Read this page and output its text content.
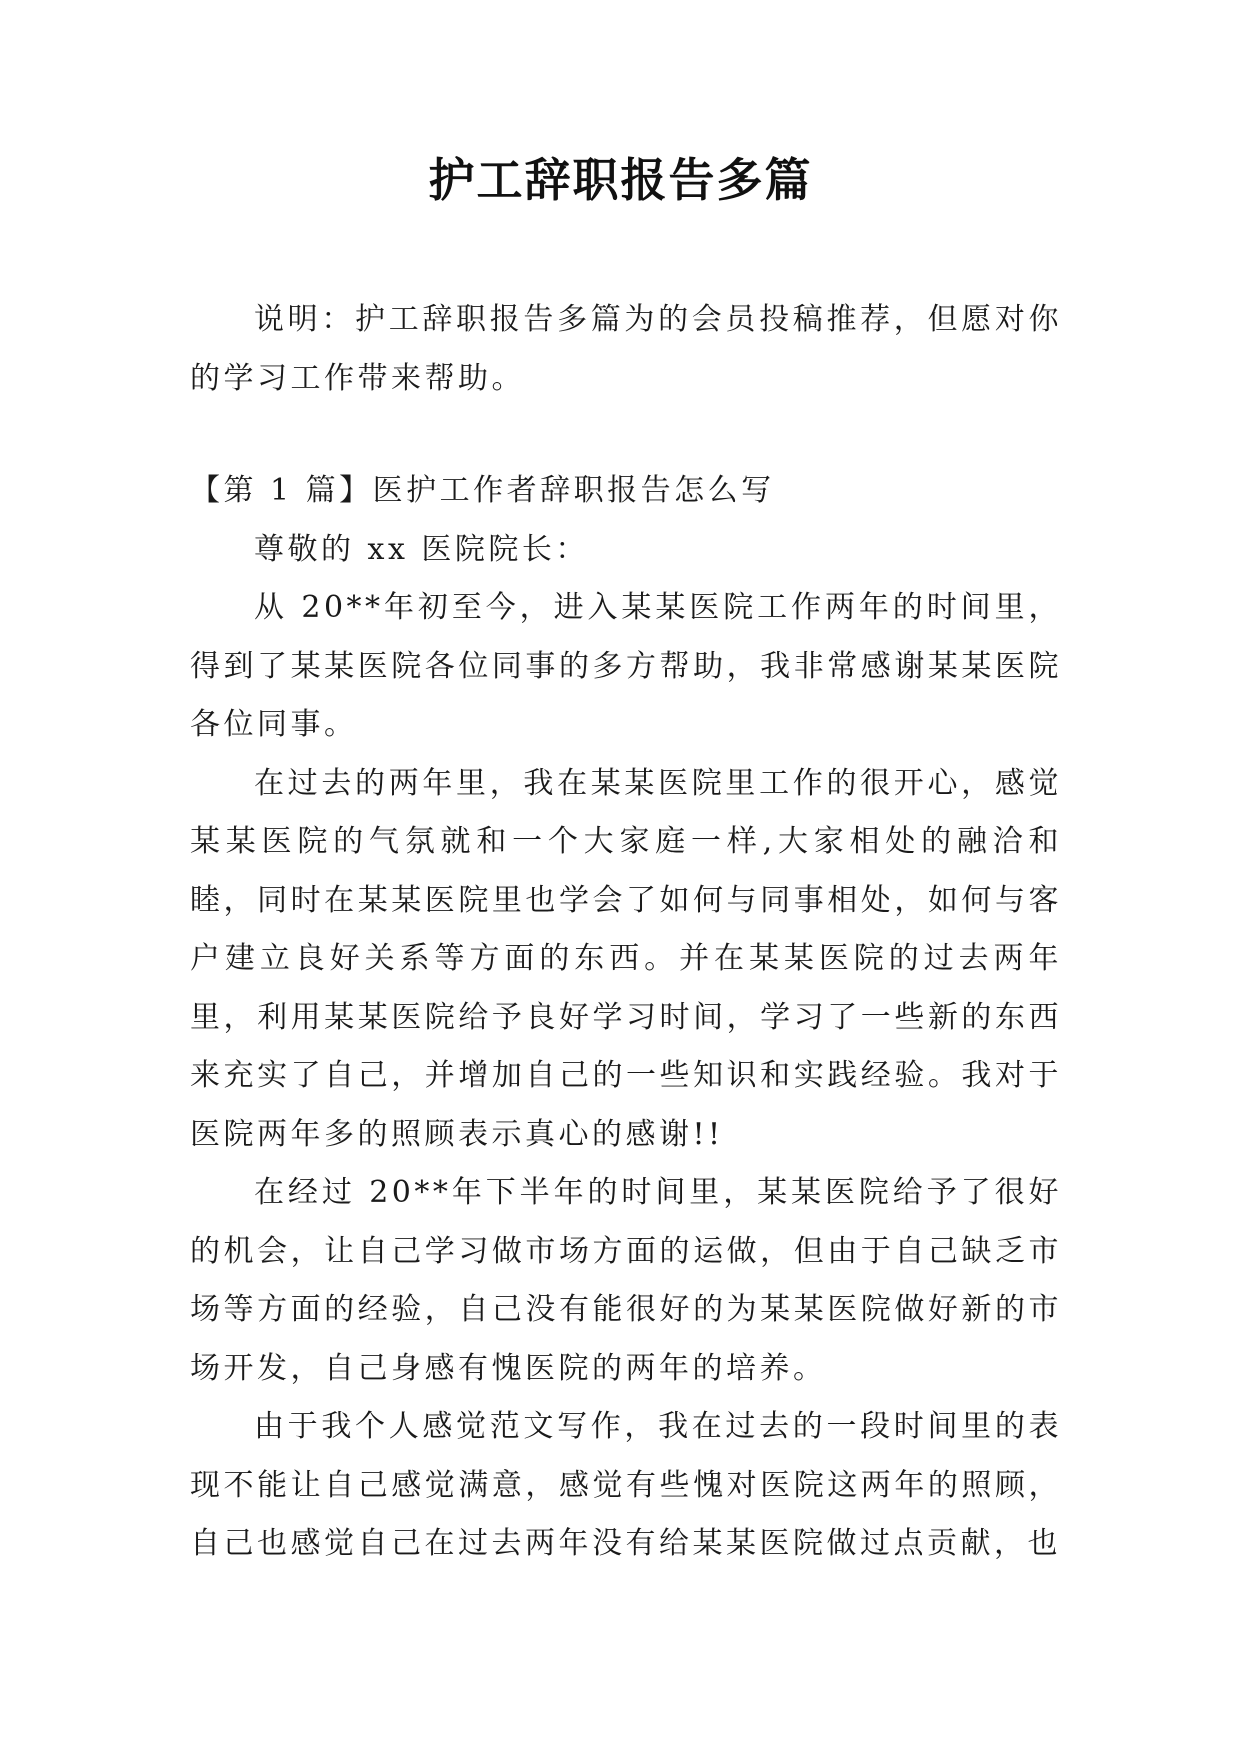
护工辞职报告多篇

说明：护工辞职报告多篇为的会员投稿推荐，但愿对你的学习工作带来帮助。

【第 1 篇】医护工作者辞职报告怎么写

尊敬的 xx 医院院长：

从 20**年初至今，进入某某医院工作两年的时间里，得到了某某医院各位同事的多方帮助，我非常感谢某某医院各位同事。

在过去的两年里，我在某某医院里工作的很开心，感觉某某医院的气氛就和一个大家庭一样,大家相处的融洽和睦，同时在某某医院里也学会了如何与同事相处，如何与客户建立良好关系等方面的东西。并在某某医院的过去两年里，利用某某医院给予良好学习时间，学习了一些新的东西来充实了自己，并增加自己的一些知识和实践经验。我对于医院两年多的照顾表示真心的感谢!!

在经过 20**年下半年的时间里，某某医院给予了很好的机会，让自己学习做市场方面的运做，但由于自己缺乏市场等方面的经验，自己没有能很好的为某某医院做好新的市场开发，自己身感有愧医院的两年的培养。

由于我个人感觉范文写作，我在过去的一段时间里的表现不能让自己感觉满意，感觉有些愧对医院这两年的照顾，自己也感觉自己在过去两年没有给某某医院做过点贡献，也
